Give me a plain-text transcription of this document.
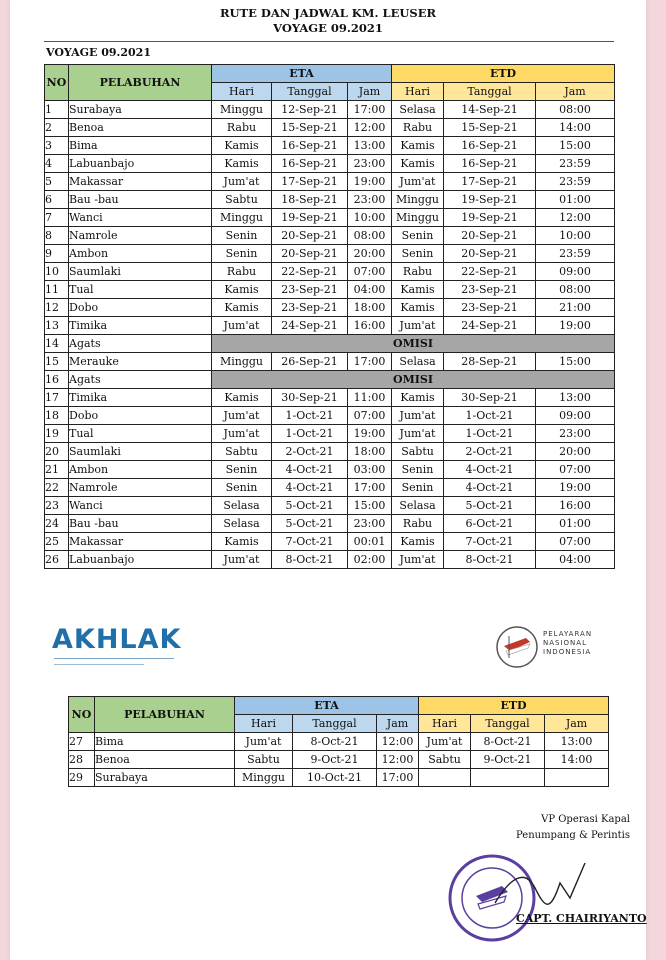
RUTE DAN JADWAL KM. LEUSER
VOYAGE 09.2021
VOYAGE 09.2021
NO	PELABUHAN	ETA			ETD		
		Hari	Tanggal	Jam	Hari	Tanggal	Jam
1	Surabaya	Minggu	12-Sep-21	17:00	Selasa	14-Sep-21	08:00
2	Benoa	Rabu	15-Sep-21	12:00	Rabu	15-Sep-21	14:00
3	Bima	Kamis	16-Sep-21	13:00	Kamis	16-Sep-21	15:00
4	Labuanbajo	Kamis	16-Sep-21	23:00	Kamis	16-Sep-21	23:59
5	Makassar	Jum'at	17-Sep-21	19:00	Jum'at	17-Sep-21	23:59
6	Bau -bau	Sabtu	18-Sep-21	23:00	Minggu	19-Sep-21	01:00
7	Wanci	Minggu	19-Sep-21	10:00	Minggu	19-Sep-21	12:00
8	Namrole	Senin	20-Sep-21	08:00	Senin	20-Sep-21	10:00
9	Ambon	Senin	20-Sep-21	20:00	Senin	20-Sep-21	23:59
10	Saumlaki	Rabu	22-Sep-21	07:00	Rabu	22-Sep-21	09:00
11	Tual	Kamis	23-Sep-21	04:00	Kamis	23-Sep-21	08:00
12	Dobo	Kamis	23-Sep-21	18:00	Kamis	23-Sep-21	21:00
13	Timika	Jum'at	24-Sep-21	16:00	Jum'at	24-Sep-21	19:00
14	Agats	OMISI					
15	Merauke	Minggu	26-Sep-21	17:00	Selasa	28-Sep-21	15:00
16	Agats	OMISI					
17	Timika	Kamis	30-Sep-21	11:00	Kamis	30-Sep-21	13:00
18	Dobo	Jum'at	1-Oct-21	07:00	Jum'at	1-Oct-21	09:00
19	Tual	Jum'at	1-Oct-21	19:00	Jum'at	1-Oct-21	23:00
20	Saumlaki	Sabtu	2-Oct-21	18:00	Sabtu	2-Oct-21	20:00
21	Ambon	Senin	4-Oct-21	03:00	Senin	4-Oct-21	07:00
22	Namrole	Senin	4-Oct-21	17:00	Senin	4-Oct-21	19:00
23	Wanci	Selasa	5-Oct-21	15:00	Selasa	5-Oct-21	16:00
24	Bau -bau	Selasa	5-Oct-21	23:00	Rabu	6-Oct-21	01:00
25	Makassar	Kamis	7-Oct-21	00:01	Kamis	7-Oct-21	07:00
26	Labuanbajo	Jum'at	8-Oct-21	02:00	Jum'at	8-Oct-21	04:00
AKHLAK	PELAYARAN
NASIONAL
INDONESIA
NO	PELABUHAN	ETA			ETD		
		Hari	Tanggal	Jam	Hari	Tanggal	Jam
27	Bima	Jum'at	8-Oct-21	12:00	Jum'at	8-Oct-21	13:00
28	Benoa	Sabtu	9-Oct-21	12:00	Sabtu	9-Oct-21	14:00
29	Surabaya	Minggu	10-Oct-21	17:00			
VP Operasi Kapal
Penumpang & Perintis
CAPT. CHAIRIYANTO
